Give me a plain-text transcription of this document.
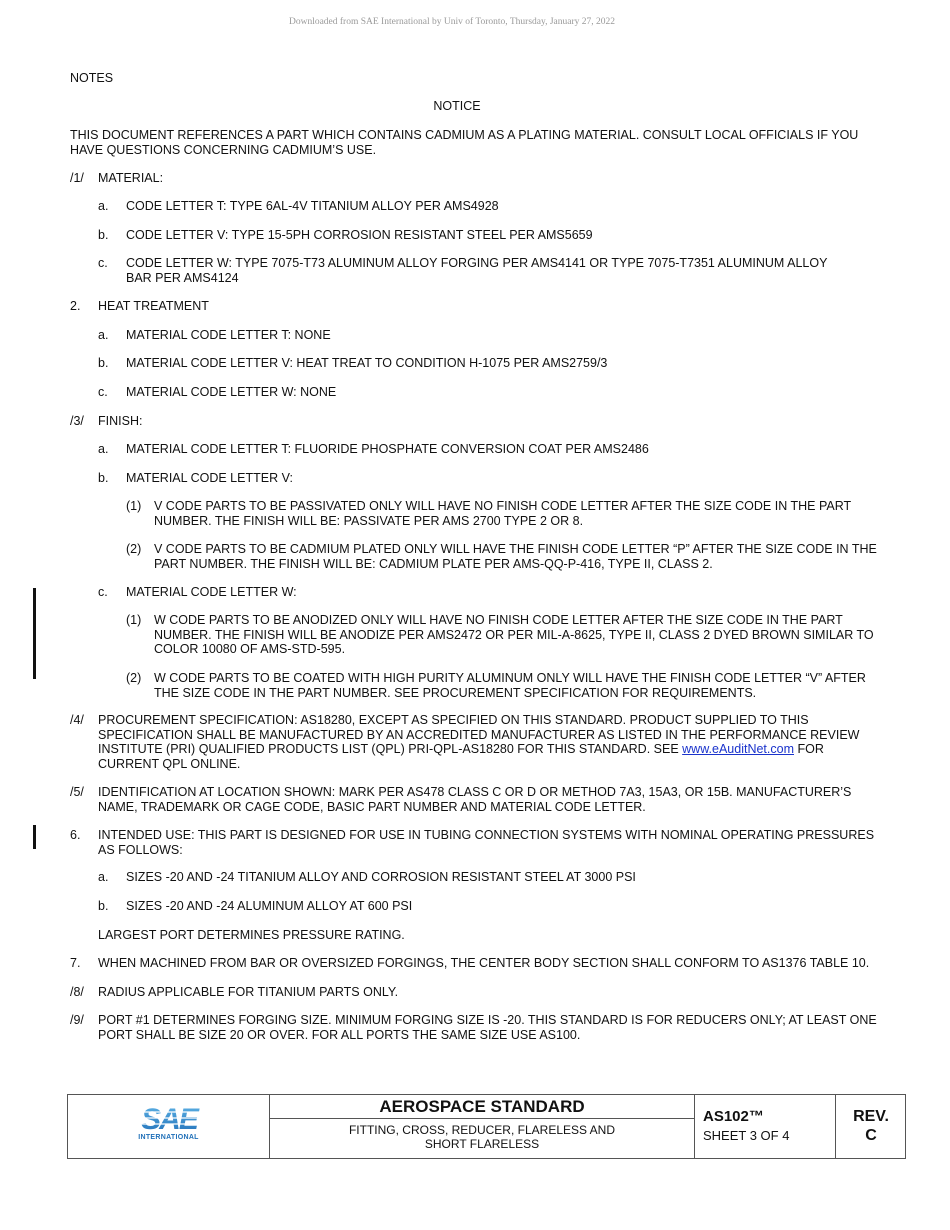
Downloaded from SAE International by Univ of Toronto, Thursday, January 27, 2022
NOTES
NOTICE
THIS DOCUMENT REFERENCES A PART WHICH CONTAINS CADMIUM AS A PLATING MATERIAL. CONSULT LOCAL OFFICIALS IF YOU HAVE QUESTIONS CONCERNING CADMIUM’S USE.
/1/ MATERIAL:
a. CODE LETTER T: TYPE 6AL-4V TITANIUM ALLOY PER AMS4928
b. CODE LETTER V: TYPE 15-5PH CORROSION RESISTANT STEEL PER AMS5659
c. CODE LETTER W: TYPE 7075-T73 ALUMINUM ALLOY FORGING PER AMS4141 OR TYPE 7075-T7351 ALUMINUM ALLOY BAR PER AMS4124
2. HEAT TREATMENT
a. MATERIAL CODE LETTER T: NONE
b. MATERIAL CODE LETTER V: HEAT TREAT TO CONDITION H-1075 PER AMS2759/3
c. MATERIAL CODE LETTER W: NONE
/3/ FINISH:
a. MATERIAL CODE LETTER T: FLUORIDE PHOSPHATE CONVERSION COAT PER AMS2486
b. MATERIAL CODE LETTER V:
(1) V CODE PARTS TO BE PASSIVATED ONLY WILL HAVE NO FINISH CODE LETTER AFTER THE SIZE CODE IN THE PART NUMBER. THE FINISH WILL BE: PASSIVATE PER AMS 2700 TYPE 2 OR 8.
(2) V CODE PARTS TO BE CADMIUM PLATED ONLY WILL HAVE THE FINISH CODE LETTER “P” AFTER THE SIZE CODE IN THE PART NUMBER. THE FINISH WILL BE: CADMIUM PLATE PER AMS-QQ-P-416, TYPE II, CLASS 2.
c. MATERIAL CODE LETTER W:
(1) W CODE PARTS TO BE ANODIZED ONLY WILL HAVE NO FINISH CODE LETTER AFTER THE SIZE CODE IN THE PART NUMBER. THE FINISH WILL BE ANODIZE PER AMS2472 OR PER MIL-A-8625, TYPE II, CLASS 2 DYED BROWN SIMILAR TO COLOR 10080 OF AMS-STD-595.
(2) W CODE PARTS TO BE COATED WITH HIGH PURITY ALUMINUM ONLY WILL HAVE THE FINISH CODE LETTER “V” AFTER THE SIZE CODE IN THE PART NUMBER. SEE PROCUREMENT SPECIFICATION FOR REQUIREMENTS.
/4/ PROCUREMENT SPECIFICATION: AS18280, EXCEPT AS SPECIFIED ON THIS STANDARD. PRODUCT SUPPLIED TO THIS SPECIFICATION SHALL BE MANUFACTURED BY AN ACCREDITED MANUFACTURER AS LISTED IN THE PERFORMANCE REVIEW INSTITUTE (PRI) QUALIFIED PRODUCTS LIST (QPL) PRI-QPL-AS18280 FOR THIS STANDARD. SEE www.eAuditNet.com FOR CURRENT QPL ONLINE.
/5/ IDENTIFICATION AT LOCATION SHOWN: MARK PER AS478 CLASS C OR D OR METHOD 7A3, 15A3, OR 15B. MANUFACTURER’S NAME, TRADEMARK OR CAGE CODE, BASIC PART NUMBER AND MATERIAL CODE LETTER.
6. INTENDED USE: THIS PART IS DESIGNED FOR USE IN TUBING CONNECTION SYSTEMS WITH NOMINAL OPERATING PRESSURES AS FOLLOWS:
a. SIZES -20 AND -24 TITANIUM ALLOY AND CORROSION RESISTANT STEEL AT 3000 PSI
b. SIZES -20 AND -24 ALUMINUM ALLOY AT 600 PSI
LARGEST PORT DETERMINES PRESSURE RATING.
7. WHEN MACHINED FROM BAR OR OVERSIZED FORGINGS, THE CENTER BODY SECTION SHALL CONFORM TO AS1376 TABLE 10.
/8/ RADIUS APPLICABLE FOR TITANIUM PARTS ONLY.
/9/ PORT #1 DETERMINES FORGING SIZE. MINIMUM FORGING SIZE IS -20. THIS STANDARD IS FOR REDUCERS ONLY; AT LEAST ONE PORT SHALL BE SIZE 20 OR OVER. FOR ALL PORTS THE SAME SIZE USE AS100.
SAE
INTERNATIONAL
AEROSPACE STANDARD
FITTING, CROSS, REDUCER, FLARELESS AND SHORT FLARELESS
AS102™
SHEET 3 OF 4
REV.
C
